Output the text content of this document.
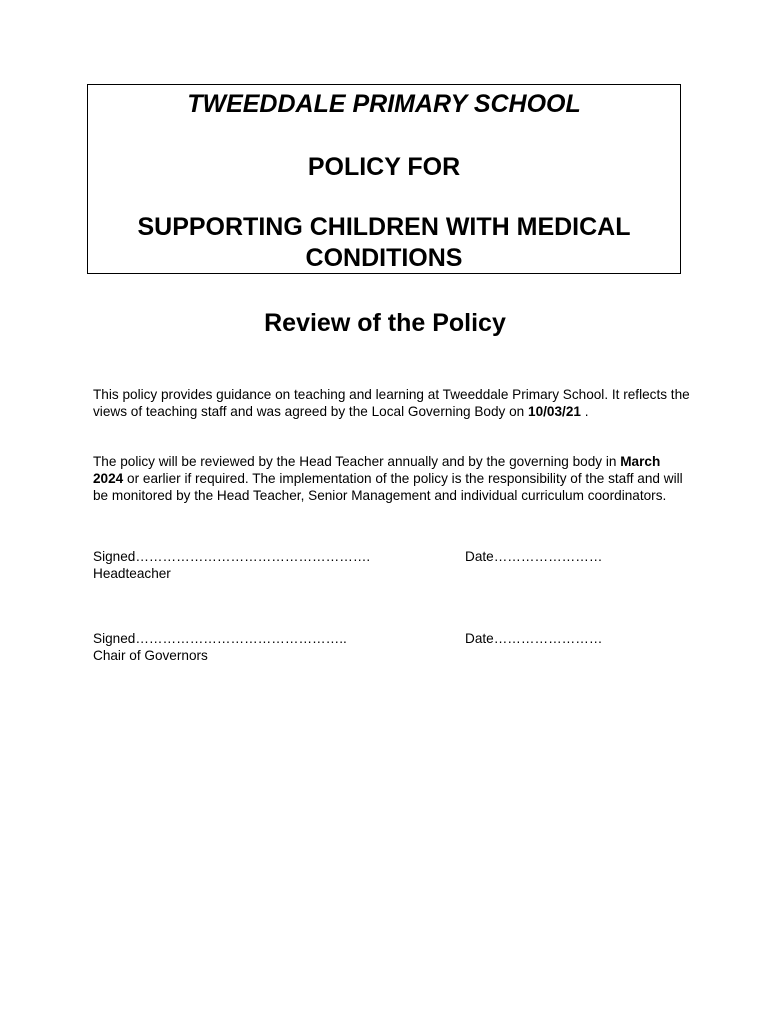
TWEEDDALE PRIMARY SCHOOL
POLICY FOR
SUPPORTING CHILDREN WITH MEDICAL CONDITIONS
Review of the Policy

This policy provides guidance on teaching and learning at Tweeddale Primary School. It reflects the views of teaching staff and was agreed by the Local Governing Body on 10/03/21 .

The policy will be reviewed by the Head Teacher annually and by the governing body in March 2024 or earlier if required. The implementation of the policy is the responsibility of the staff and will be monitored by the Head Teacher, Senior Management and individual curriculum coordinators.

Signed…………………………………………….	Date……………………
Headteacher
Signed………………………………………..	Date……………………
Chair of Governors
